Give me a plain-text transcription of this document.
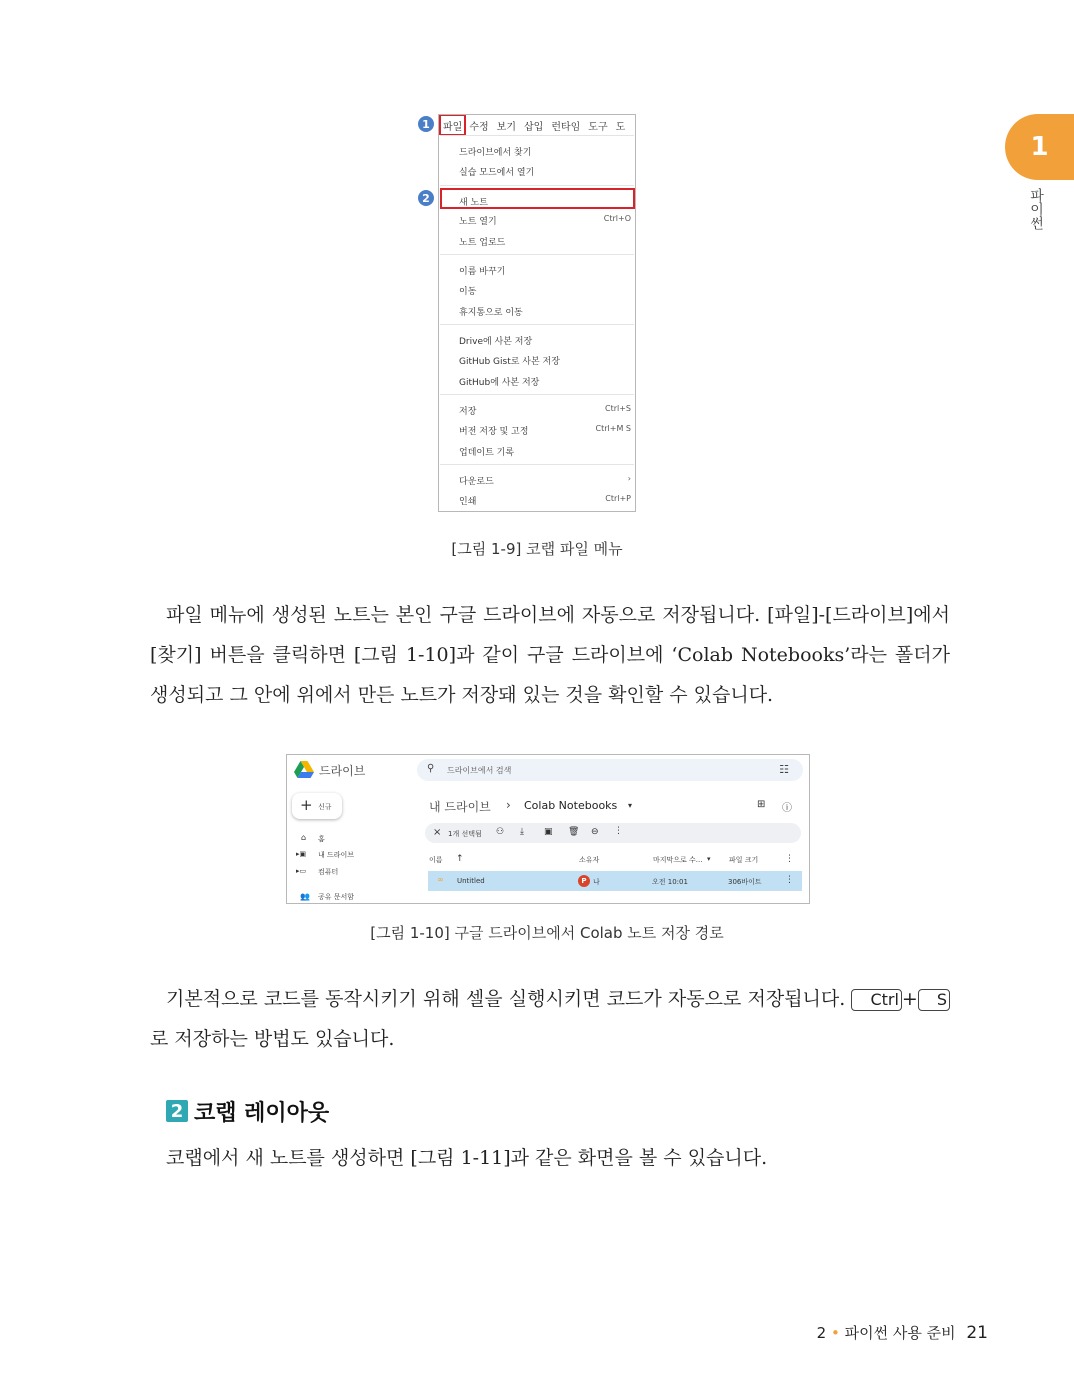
1
파이썬
1
2
파일 수정 보기 삽입 런타임 도구 도
드라이브에서 찾기
실습 모드에서 열기
새 노트
노트 열기	Ctrl+O
노트 업로드
이름 바꾸기
이동
휴지통으로 이동
Drive에 사본 저장
GitHub Gist로 사본 저장
GitHub에 사본 저장
저장	Ctrl+S
버전 저장 및 고정	Ctrl+M S
업데이트 기록
다운로드	›
인쇄	Ctrl+P
[그림 1-9] 코랩 파일 메뉴
파일 메뉴에 생성된 노트는 본인 구글 드라이브에 자동으로 저장됩니다. [파일]-[드라이브]에서 [찾기] 버튼을 클릭하면 [그림 1-10]과 같이 구글 드라이브에 ‘Colab Notebooks’라는 폴더가 생성되고 그 안에 위에서 만든 노트가 저장돼 있는 것을 확인할 수 있습니다.
드라이브	⚲ 드라이브에서 검색	☷
+ 신규
⌂ 홈
▸▣ 내 드라이브
▸▭ 컴퓨터
👥 공유 문서함
내 드라이브 › Colab Notebooks ▾	⊞ ⓘ
× 1개 선택됨 ⚇ ⤓ ▣ 🗑 ⊖ ⋮
이름 ↑	소유자	마지막으로 수... ▾	파일 크기	⋮
∞ Untitled	P 나	오전 10:01	306바이트	⋮
[그림 1-10] 구글 드라이브에서 Colab 노트 저장 경로
기본적으로 코드를 동작시키기 위해 셀을 실행시키면 코드가 자동으로 저장됩니다. Ctrl + S로 저장하는 방법도 있습니다.
2 코랩 레이아웃
코랩에서 새 노트를 생성하면 [그림 1-11]과 같은 화면을 볼 수 있습니다.
2 • 파이썬 사용 준비 21
